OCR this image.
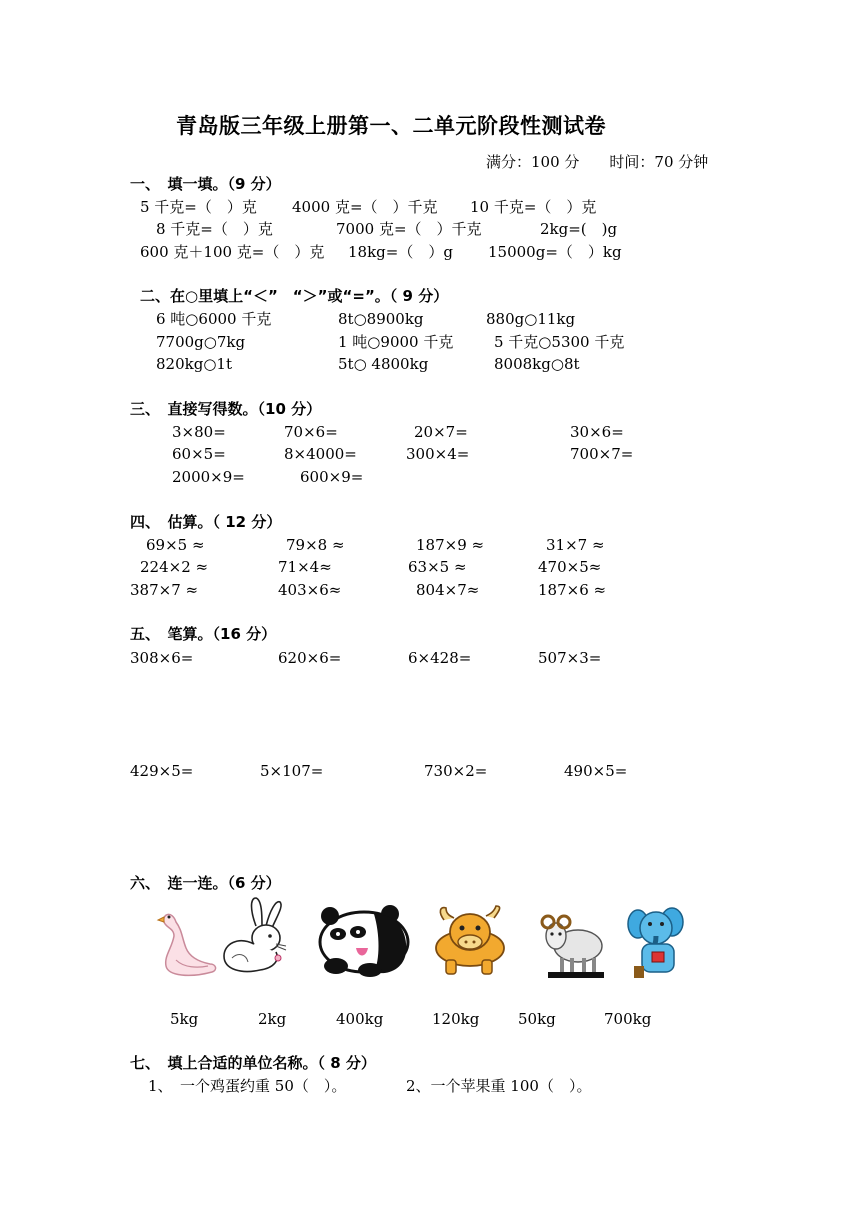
青岛版三年级上册第一、二单元阶段性测试卷
满分：100 分　　时间：70 分钟
一、　填一填。（9 分）
5 千克=（　）克 4000 克=（　）千克 10 千克=（　）克
8 千克=（　）克	7000 克=（　）千克	2kg=(　)g
600 克＋100 克=（　）克 18kg=（　）g 15000g=（　）kg
二、在○里填上“＜”　“＞”或“=”。（ 9 分）
6 吨○6000 千克	8t○8900kg	880g○11kg
7700g○7kg	1 吨○9000 千克	5 千克○5300 千克
820kg○1t	5t○ 4800kg	8008kg○8t
三、　直接写得数。（10 分）
3×80=	70×6=	20×7=	30×6=
60×5=	8×4000=	300×4=	700×7=
2000×9=	600×9=
四、　估算。（ 12 分）
69×5 ≈	79×8 ≈	187×9 ≈	31×7 ≈
224×2 ≈	71×4≈	63×5 ≈	470×5≈
387×7 ≈	403×6≈	804×7≈	187×6 ≈
五、　笔算。（16 分）
308×6=	620×6=	6×428=	507×3=
429×5=	5×107=	730×2=	490×5=
六、　连一连。（6 分）
5kg	2kg	400kg	120kg	50kg	700kg
七、　填上合适的单位名称。（ 8 分）
1、　一个鸡蛋约重 50（　）。	2、一个苹果重 100（　）。
